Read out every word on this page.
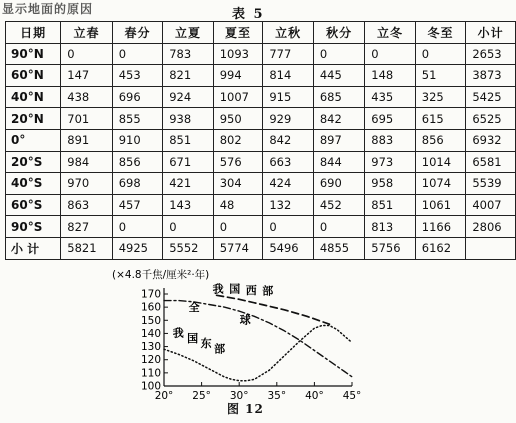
显示地面的原因	表 5
日期	立春	春分	立夏	夏至	立秋	秋分	立冬	冬至	小计
90°N	0	0	783	1093	777	0	0	0	2653
60°N	147	453	821	994	814	445	148	51	3873
40°N	438	696	924	1007	915	685	435	325	5425
20°N	701	855	938	950	929	842	695	615	6525
0°	891	910	851	802	842	897	883	856	6932
20°S	984	856	671	576	663	844	973	1014	6581
40°S	970	698	421	304	424	690	958	1074	5539
60°S	863	457	143	48	132	452	851	1061	4007
90°S	827	0	0	0	0	0	813	1166	2806
小 计	5821	4925	5552	5774	5496	4855	5756	6162	
(×4.8千焦/厘米²·年)
100
110
120
130
140
150
160
170
20° 25° 30° 35° 40° 45°
我 国 西 部
全
球
我 国 东 部
图 12
